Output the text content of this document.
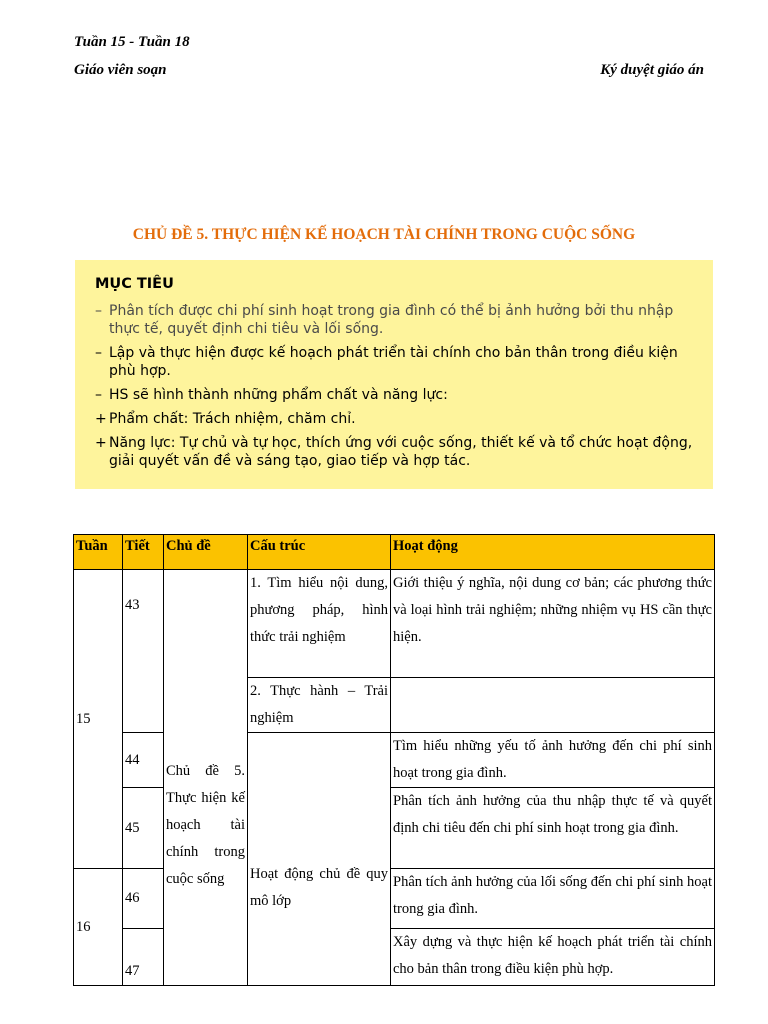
Tuần 15 - Tuần 18
Giáo viên soạn	Ký duyệt giáo án
CHỦ ĐỀ 5. THỰC HIỆN KẾ HOẠCH TÀI CHÍNH TRONG CUỘC SỐNG
MỤC TIÊU
– Phân tích được chi phí sinh hoạt trong gia đình có thể bị ảnh hưởng bởi thu nhập thực tế, quyết định chi tiêu và lối sống.
– Lập và thực hiện được kế hoạch phát triển tài chính cho bản thân trong điều kiện phù hợp.
– HS sẽ hình thành những phẩm chất và năng lực:
+ Phẩm chất: Trách nhiệm, chăm chỉ.
+ Năng lực: Tự chủ và tự học, thích ứng với cuộc sống, thiết kế và tổ chức hoạt động, giải quyết vấn đề và sáng tạo, giao tiếp và hợp tác.
Tuần	Tiết	Chủ đề	Cấu trúc	Hoạt động
15	43	Chủ đề 5. Thực hiện kế hoạch tài chính trong cuộc sống	1. Tìm hiểu nội dung, phương pháp, hình thức trải nghiệm	Giới thiệu ý nghĩa, nội dung cơ bản; các phương thức và loại hình trải nghiệm; những nhiệm vụ HS cần thực hiện.
			2. Thực hành – Trải nghiệm	
	44		Hoạt động chủ đề quy mô lớp	Tìm hiểu những yếu tố ảnh hưởng đến chi phí sinh hoạt trong gia đình.
	45			Phân tích ảnh hưởng của thu nhập thực tế và quyết định chi tiêu đến chi phí sinh hoạt trong gia đình.
16	46			Phân tích ảnh hưởng của lối sống đến chi phí sinh hoạt trong gia đình.
	47			Xây dựng và thực hiện kế hoạch phát triển tài chính cho bản thân trong điều kiện phù hợp.
